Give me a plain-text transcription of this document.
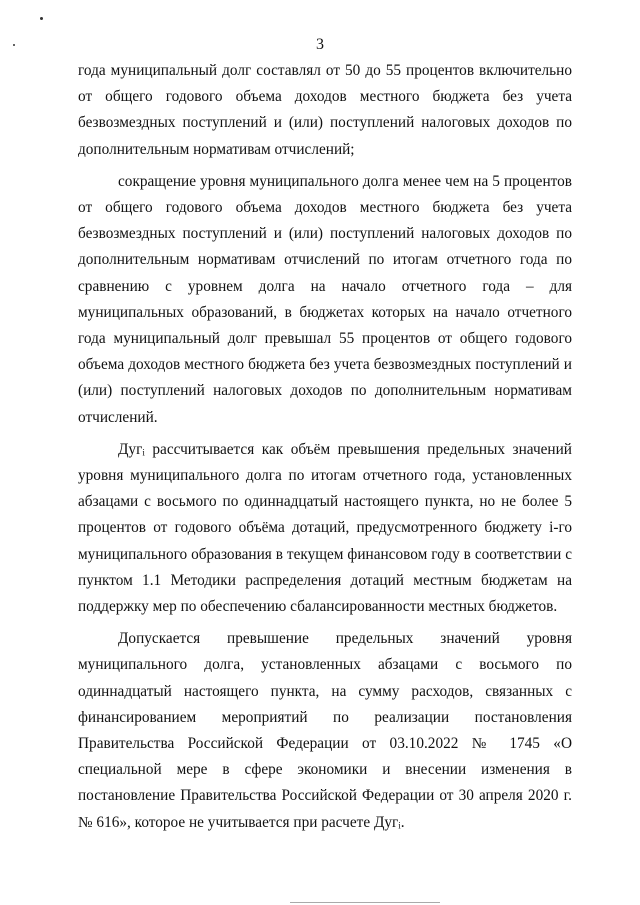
3

года муниципальный долг составлял от 50 до 55 процентов включительно от общего годового объема доходов местного бюджета без учета безвозмездных поступлений и (или) поступлений налоговых доходов по дополнительным нормативам отчислений;

сокращение уровня муниципального долга менее чем на 5 процентов от общего годового объема доходов местного бюджета без учета безвозмездных поступлений и (или) поступлений налоговых доходов по дополнительным нормативам отчислений по итогам отчетного года по сравнению с уровнем долга на начало отчетного года – для муниципальных образований, в бюджетах которых на начало отчетного года муниципальный долг превышал 55 процентов от общего годового объема доходов местного бюджета без учета безвозмездных поступлений и (или) поступлений налоговых доходов по дополнительным нормативам отчислений.

Дугᵢ рассчитывается как объём превышения предельных значений уровня муниципального долга по итогам отчетного года, установленных абзацами с восьмого по одиннадцатый настоящего пункта, но не более 5 процентов от годового объёма дотаций, предусмотренного бюджету i-го муниципального образования в текущем финансовом году в соответствии с пунктом 1.1 Методики распределения дотаций местным бюджетам на поддержку мер по обеспечению сбалансированности местных бюджетов.

Допускается превышение предельных значений уровня муниципального долга, установленных абзацами с восьмого по одиннадцатый настоящего пункта, на сумму расходов, связанных с финансированием мероприятий по реализации постановления Правительства Российской Федерации от 03.10.2022 № 1745 «О специальной мере в сфере экономики и внесении изменения в постановление Правительства Российской Федерации от 30 апреля 2020 г. № 616», которое не учитывается при расчете Дугᵢ.
